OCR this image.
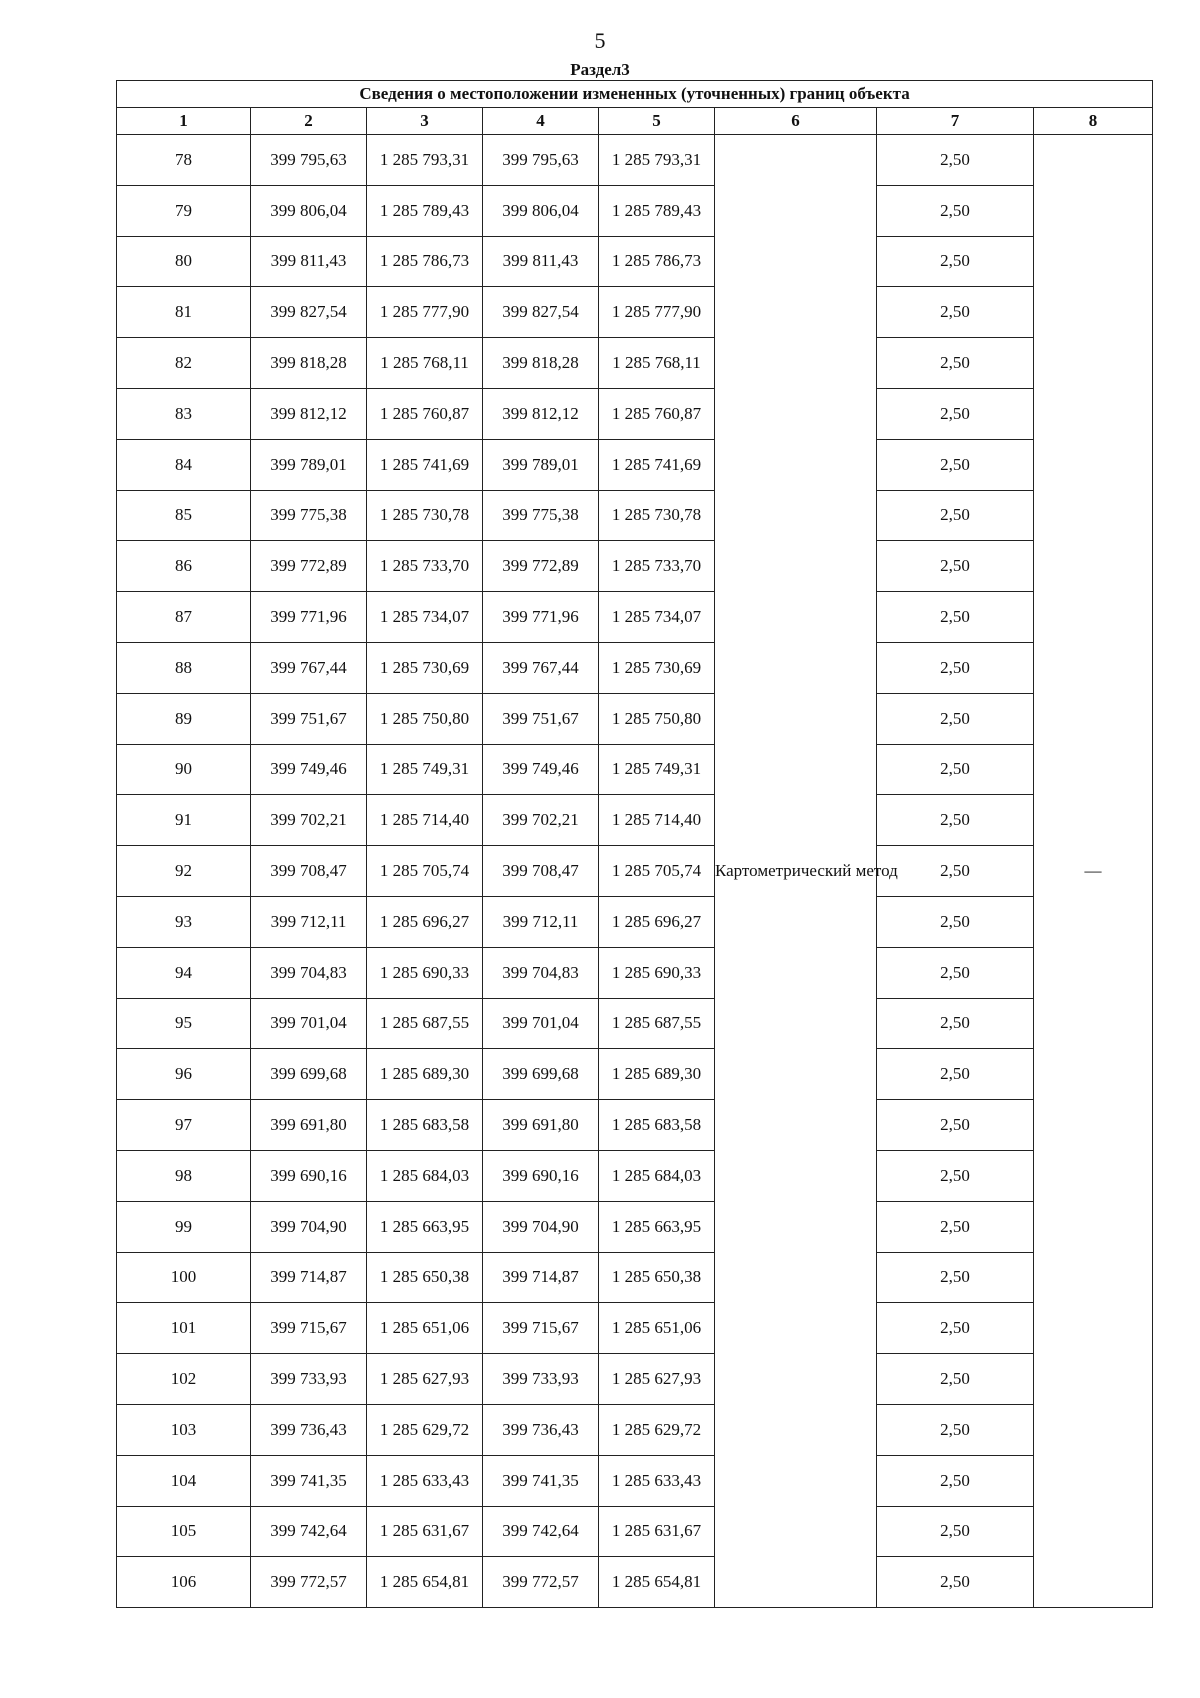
5
Раздел3
Сведения о местоположении измененных (уточненных) границ объекта							
1	2	3	4	5	6	7	8
78	399 795,63	1 285 793,31	399 795,63	1 285 793,31	Картометрический метод	2,50	—
79	399 806,04	1 285 789,43	399 806,04	1 285 789,43		2,50	
80	399 811,43	1 285 786,73	399 811,43	1 285 786,73		2,50	
81	399 827,54	1 285 777,90	399 827,54	1 285 777,90		2,50	
82	399 818,28	1 285 768,11	399 818,28	1 285 768,11		2,50	
83	399 812,12	1 285 760,87	399 812,12	1 285 760,87		2,50	
84	399 789,01	1 285 741,69	399 789,01	1 285 741,69		2,50	
85	399 775,38	1 285 730,78	399 775,38	1 285 730,78		2,50	
86	399 772,89	1 285 733,70	399 772,89	1 285 733,70		2,50	
87	399 771,96	1 285 734,07	399 771,96	1 285 734,07		2,50	
88	399 767,44	1 285 730,69	399 767,44	1 285 730,69		2,50	
89	399 751,67	1 285 750,80	399 751,67	1 285 750,80		2,50	
90	399 749,46	1 285 749,31	399 749,46	1 285 749,31		2,50	
91	399 702,21	1 285 714,40	399 702,21	1 285 714,40		2,50	
92	399 708,47	1 285 705,74	399 708,47	1 285 705,74		2,50	
93	399 712,11	1 285 696,27	399 712,11	1 285 696,27		2,50	
94	399 704,83	1 285 690,33	399 704,83	1 285 690,33		2,50	
95	399 701,04	1 285 687,55	399 701,04	1 285 687,55		2,50	
96	399 699,68	1 285 689,30	399 699,68	1 285 689,30		2,50	
97	399 691,80	1 285 683,58	399 691,80	1 285 683,58		2,50	
98	399 690,16	1 285 684,03	399 690,16	1 285 684,03		2,50	
99	399 704,90	1 285 663,95	399 704,90	1 285 663,95		2,50	
100	399 714,87	1 285 650,38	399 714,87	1 285 650,38		2,50	
101	399 715,67	1 285 651,06	399 715,67	1 285 651,06		2,50	
102	399 733,93	1 285 627,93	399 733,93	1 285 627,93		2,50	
103	399 736,43	1 285 629,72	399 736,43	1 285 629,72		2,50	
104	399 741,35	1 285 633,43	399 741,35	1 285 633,43		2,50	
105	399 742,64	1 285 631,67	399 742,64	1 285 631,67		2,50	
106	399 772,57	1 285 654,81	399 772,57	1 285 654,81		2,50	
